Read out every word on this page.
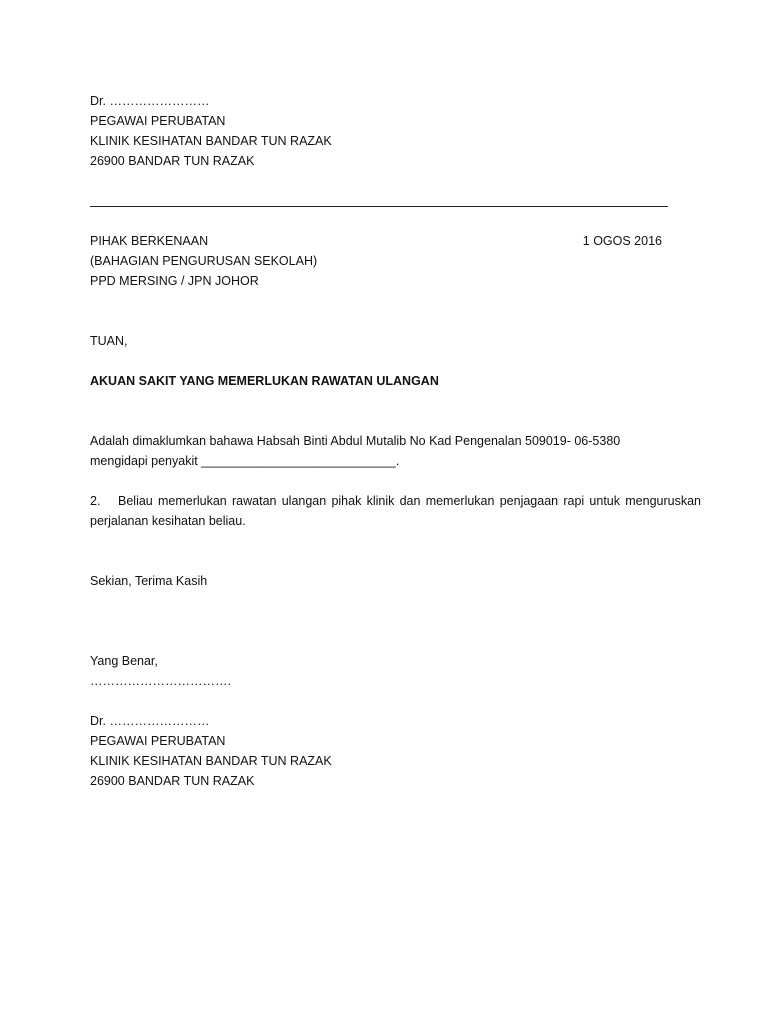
Dr. ……………………
PEGAWAI PERUBATAN
KLINIK KESIHATAN BANDAR TUN RAZAK
26900 BANDAR TUN RAZAK
PIHAK BERKENAAN
(BAHAGIAN PENGURUSAN SEKOLAH)
PPD MERSING / JPN JOHOR
1 OGOS 2016
TUAN,
AKUAN SAKIT YANG MEMERLUKAN RAWATAN ULANGAN
Adalah dimaklumkan bahawa Habsah Binti Abdul Mutalib No Kad Pengenalan 509019- 06-5380
mengidapi penyakit ____________________________.
2. Beliau memerlukan rawatan ulangan pihak klinik dan memerlukan penjagaan rapi untuk menguruskan perjalanan kesihatan beliau.
Sekian, Terima Kasih
Yang Benar,
…………………………….
Dr. ……………………
PEGAWAI PERUBATAN
KLINIK KESIHATAN BANDAR TUN RAZAK
26900 BANDAR TUN RAZAK
